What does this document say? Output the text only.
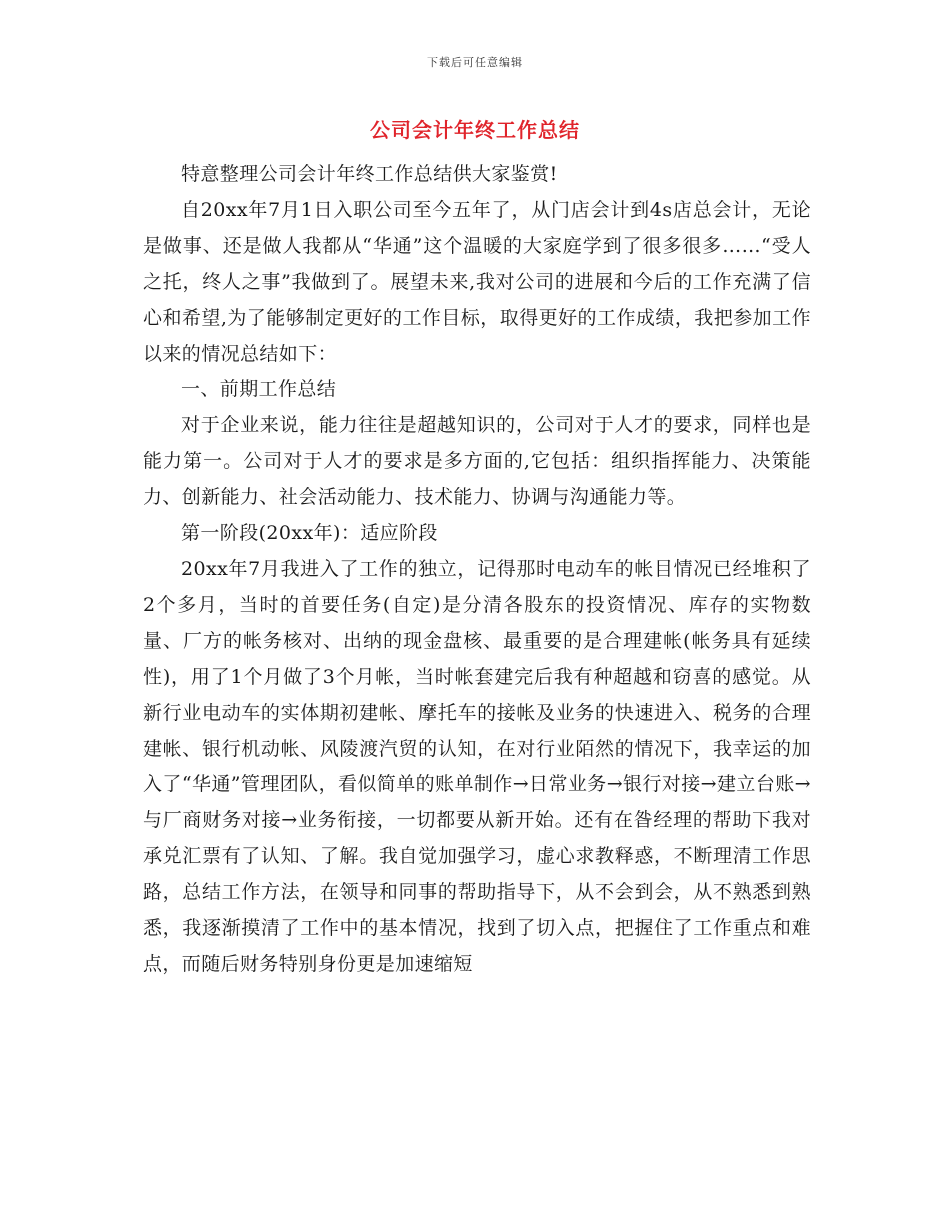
下载后可任意编辑
公司会计年终工作总结

特意整理公司会计年终工作总结供大家鉴赏!

自20xx年7月1日入职公司至今五年了，从门店会计到4s店总会计，无论是做事、还是做人我都从“华通”这个温暖的大家庭学到了很多很多……“受人之托，终人之事”我做到了。展望未来,我对公司的进展和今后的工作充满了信心和希望,为了能够制定更好的工作目标，取得更好的工作成绩，我把参加工作以来的情况总结如下：

一、前期工作总结

对于企业来说，能力往往是超越知识的，公司对于人才的要求，同样也是能力第一。公司对于人才的要求是多方面的,它包括：组织指挥能力、决策能力、创新能力、社会活动能力、技术能力、协调与沟通能力等。

第一阶段(20xx年)：适应阶段

20xx年7月我进入了工作的独立，记得那时电动车的帐目情况已经堆积了2个多月，当时的首要任务(自定)是分清各股东的投资情况、库存的实物数量、厂方的帐务核对、出纳的现金盘核、最重要的是合理建帐(帐务具有延续性)，用了1个月做了3个月帐，当时帐套建完后我有种超越和窃喜的感觉。从新行业电动车的实体期初建帐、摩托车的接帐及业务的快速进入、税务的合理建帐、银行机动帐、风陵渡汽贸的认知，在对行业陌然的情况下，我幸运的加入了“华通”管理团队，看似简单的账单制作→日常业务→银行对接→建立台账→与厂商财务对接→业务衔接，一切都要从新开始。还有在昝经理的帮助下我对承兑汇票有了认知、了解。我自觉加强学习，虚心求教释惑，不断理清工作思路，总结工作方法，在领导和同事的帮助指导下，从不会到会，从不熟悉到熟悉，我逐渐摸清了工作中的基本情况，找到了切入点，把握住了工作重点和难点，而随后财务特别身份更是加速缩短
